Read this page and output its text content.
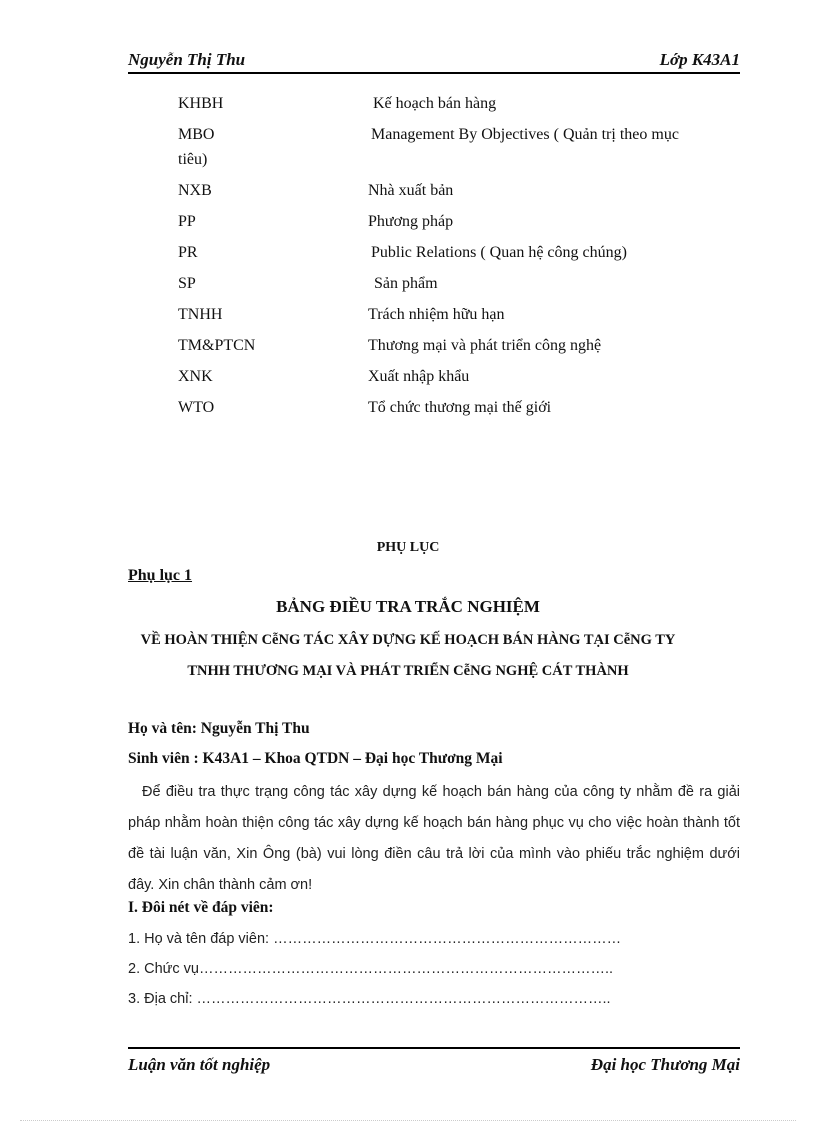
Nguyễn Thị Thu	Lớp K43A1
KHBH	Kế hoạch bán hàng
MBO	Management By Objectives ( Quản trị theo mục
tiêu)
NXB	Nhà xuất bản
PP	Phương pháp
PR	Public Relations ( Quan hệ công chúng)
SP	Sản phẩm
TNHH	Trách nhiệm hữu hạn
TM&PTCN	Thương mại và phát triển công nghệ
XNK	Xuất nhập khẩu
WTO	Tổ chức thương mại thế giới
PHỤ LỤC
Phụ lục 1
BẢNG ĐIỀU TRA TRẮC NGHIỆM
VỀ HOÀN THIỆN CễNG TÁC XÂY DỰNG KẾ HOẠCH BÁN HÀNG TẠI CễNG TY TNHH THƯƠNG MẠI VÀ PHÁT TRIỂN CễNG NGHỆ CÁT THÀNH
Họ và tên: Nguyễn Thị Thu
Sinh viên : K43A1 – Khoa QTDN – Đại học Thương Mại
Để điều tra thực trạng công tác xây dựng kế hoạch bán hàng của công ty nhằm đề ra giải pháp nhằm hoàn thiện công tác xây dựng kế hoạch bán hàng phục vụ cho việc hoàn thành tốt đề tài luận văn, Xin Ông (bà) vui lòng điền câu trả lời của mình vào phiếu trắc nghiệm dưới đây. Xin chân thành cảm ơn!
I. Đôi nét về đáp viên:
1. Họ và tên đáp viên: ………………………………………………………………
2. Chức vụ…………………………………………………………………………..
3. Địa chỉ: …………………………………………………………………………..
Luận văn tốt nghiệp	Đại học Thương Mại
